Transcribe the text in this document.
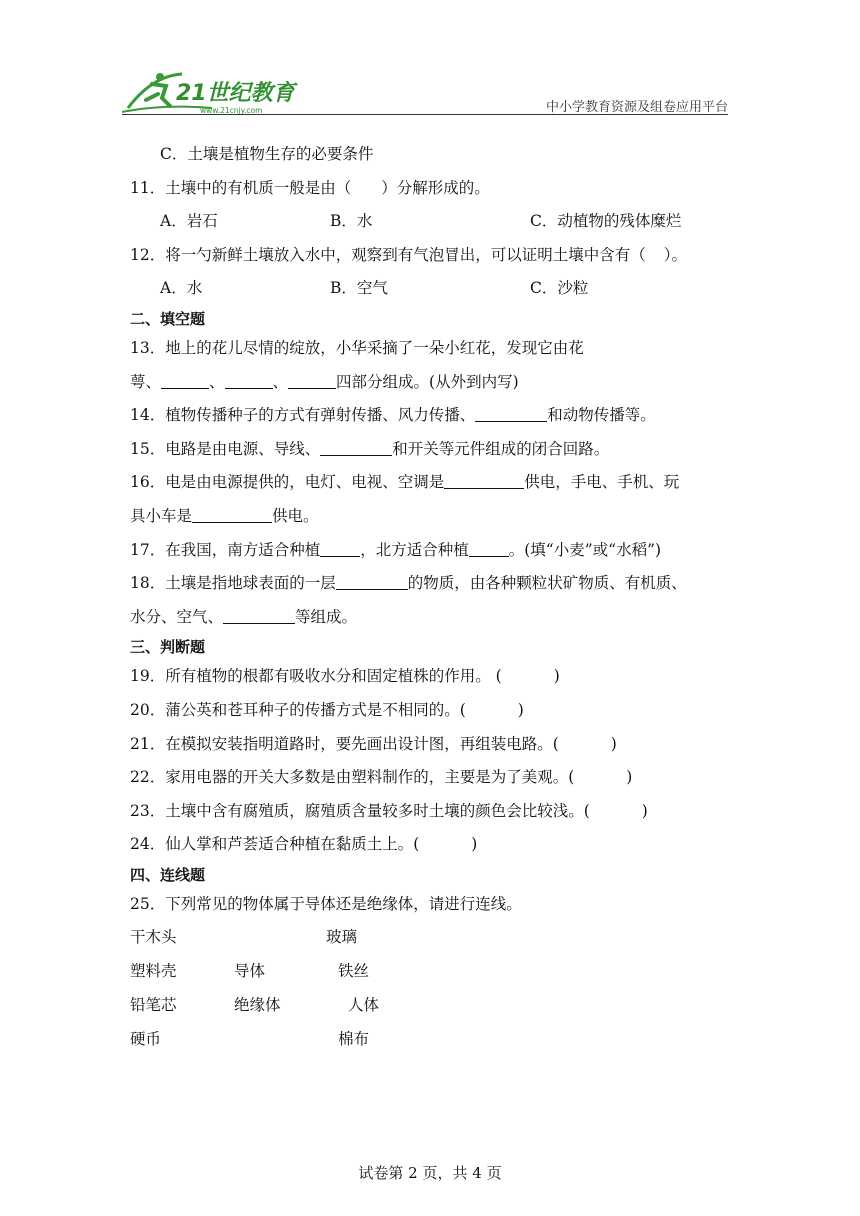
21世纪教育
www.21cnjy.com	中小学教育资源及组卷应用平台
C．土壤是植物生存的必要条件
11．土壤中的有机质一般是由（ ）分解形成的。
A．岩石	B．水	C．动植物的残体糜烂
12．将一勺新鲜土壤放入水中，观察到有气泡冒出，可以证明土壤中含有（ ）。
A．水	B．空气	C．沙粒
二、填空题
13．地上的花儿尽情的绽放，小华采摘了一朵小红花，发现它由花
萼、	、	、	四部分组成。(从外到内写)
14．植物传播种子的方式有弹射传播、风力传播、	和动物传播等。
15．电路是由电源、导线、	和开关等元件组成的闭合回路。
16．电是由电源提供的，电灯、电视、空调是	供电，手电、手机、玩
具小车是	供电。
17．在我国，南方适合种植	，北方适合种植	。(填“小麦”或“水稻”)
18．土壤是指地球表面的一层	的物质，由各种颗粒状矿物质、有机质、
水分、空气、	等组成。
三、判断题
19．所有植物的根都有吸收水分和固定植株的作用。 (	)
20．蒲公英和苍耳种子的传播方式是不相同的。(	)
21．在模拟安装指明道路时，要先画出设计图，再组装电路。(	)
22．家用电器的开关大多数是由塑料制作的，主要是为了美观。(	)
23．土壤中含有腐殖质，腐殖质含量较多时土壤的颜色会比较浅。(	)
24．仙人掌和芦荟适合种植在黏质土上。(	)
四、连线题
25．下列常见的物体属于导体还是绝缘体，请进行连线。
干木头	玻璃
塑料壳	导体	铁丝
铅笔芯	绝缘体	人体
硬币	棉布
试卷第 2 页，共 4 页
